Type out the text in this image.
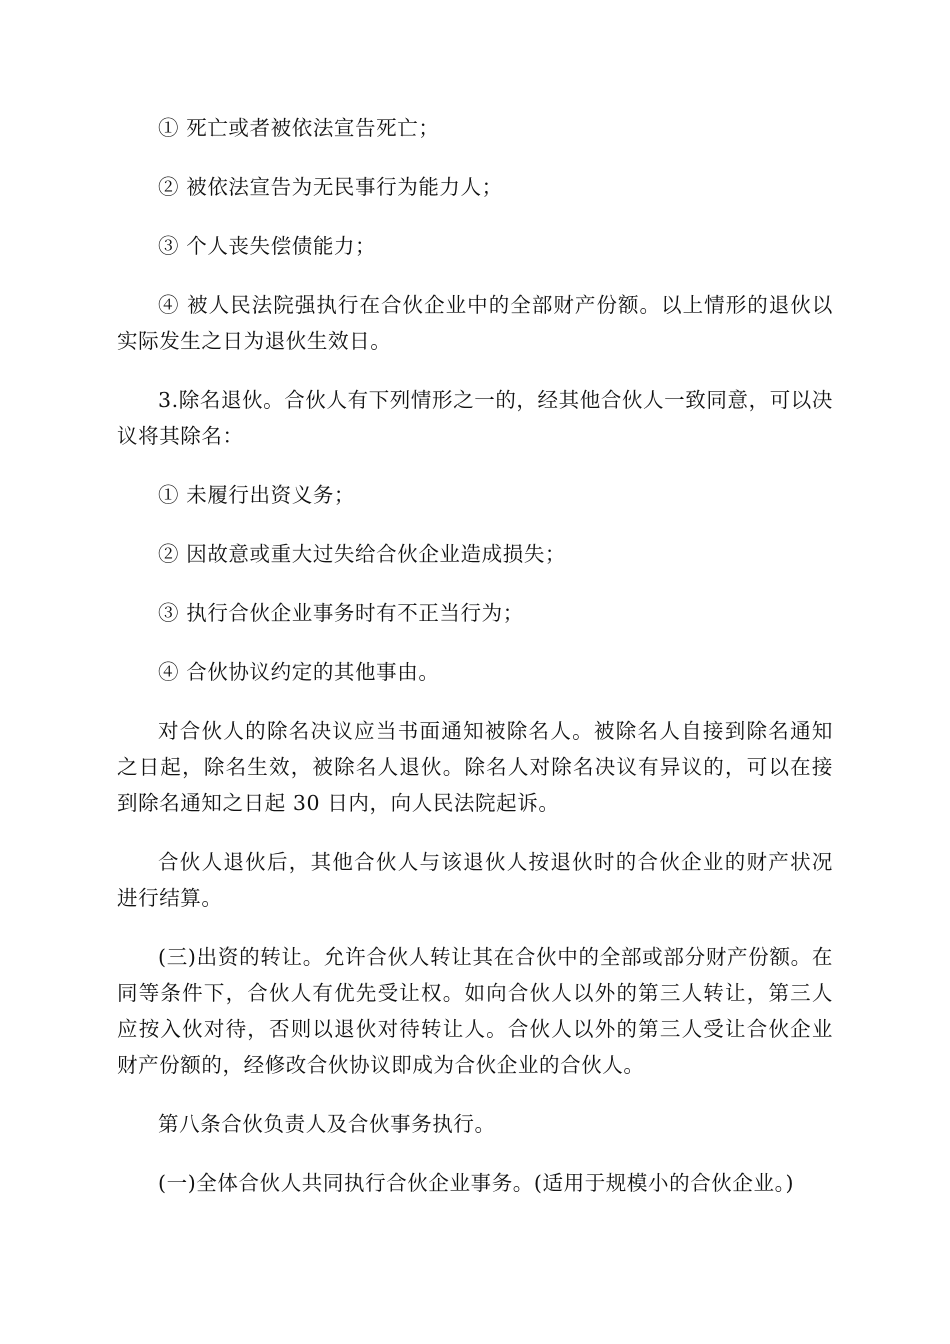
① 死亡或者被依法宣告死亡；

② 被依法宣告为无民事行为能力人；

③ 个人丧失偿债能力；

④ 被人民法院强执行在合伙企业中的全部财产份额。以上情形的退伙以实际发生之日为退伙生效日。

3.除名退伙。合伙人有下列情形之一的，经其他合伙人一致同意，可以决议将其除名：

① 未履行出资义务；

② 因故意或重大过失给合伙企业造成损失；

③ 执行合伙企业事务时有不正当行为；

④ 合伙协议约定的其他事由。

对合伙人的除名决议应当书面通知被除名人。被除名人自接到除名通知之日起，除名生效，被除名人退伙。除名人对除名决议有异议的，可以在接到除名通知之日起 30 日内，向人民法院起诉。

合伙人退伙后，其他合伙人与该退伙人按退伙时的合伙企业的财产状况进行结算。

(三)出资的转让。允许合伙人转让其在合伙中的全部或部分财产份额。在同等条件下，合伙人有优先受让权。如向合伙人以外的第三人转让，第三人应按入伙对待，否则以退伙对待转让人。合伙人以外的第三人受让合伙企业财产份额的，经修改合伙协议即成为合伙企业的合伙人。

第八条合伙负责人及合伙事务执行。

(一)全体合伙人共同执行合伙企业事务。(适用于规模小的合伙企业。)
